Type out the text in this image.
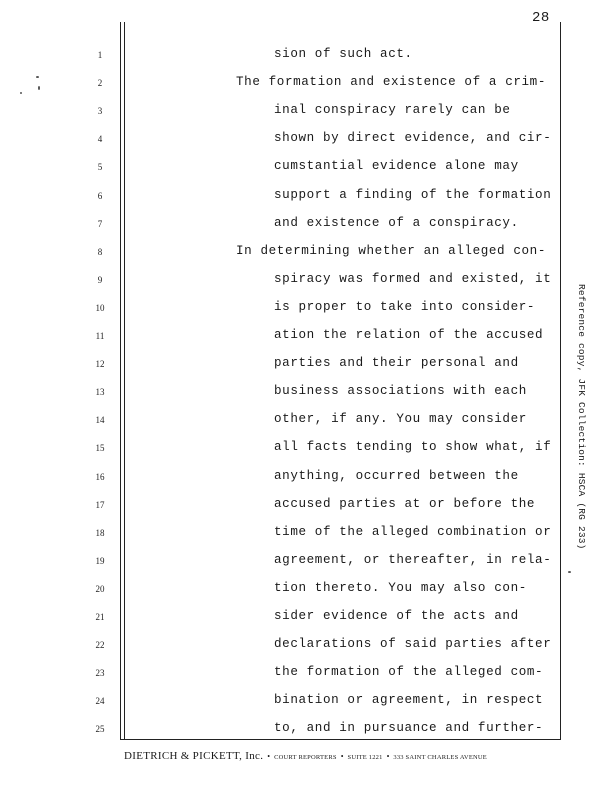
28
1	sion of such act.
2	The formation and existence of a crim-
3	inal conspiracy rarely can be
4	shown by direct evidence, and cir-
5	cumstantial evidence alone may
6	support a finding of the formation
7	and existence of a conspiracy.
8	In determining whether an alleged con-
9	spiracy was formed and existed, it
10	is proper to take into consider-
11	ation the relation of the accused
12	parties and their personal and
13	business associations with each
14	other, if any. You may consider
15	all facts tending to show what, if
16	anything, occurred between the
17	accused parties at or before the
18	time of the alleged combination or
19	agreement, or thereafter, in rela-
20	tion thereto. You may also con-
21	sider evidence of the acts and
22	declarations of said parties after
23	the formation of the alleged com-
24	bination or agreement, in respect
25	to, and in pursuance and further-
DIETRICH & PICKETT, Inc. • COURT REPORTERS • SUITE 1221 • 333 SAINT CHARLES AVENUE
Reference copy, JFK Collection: HSCA (RG 233)
